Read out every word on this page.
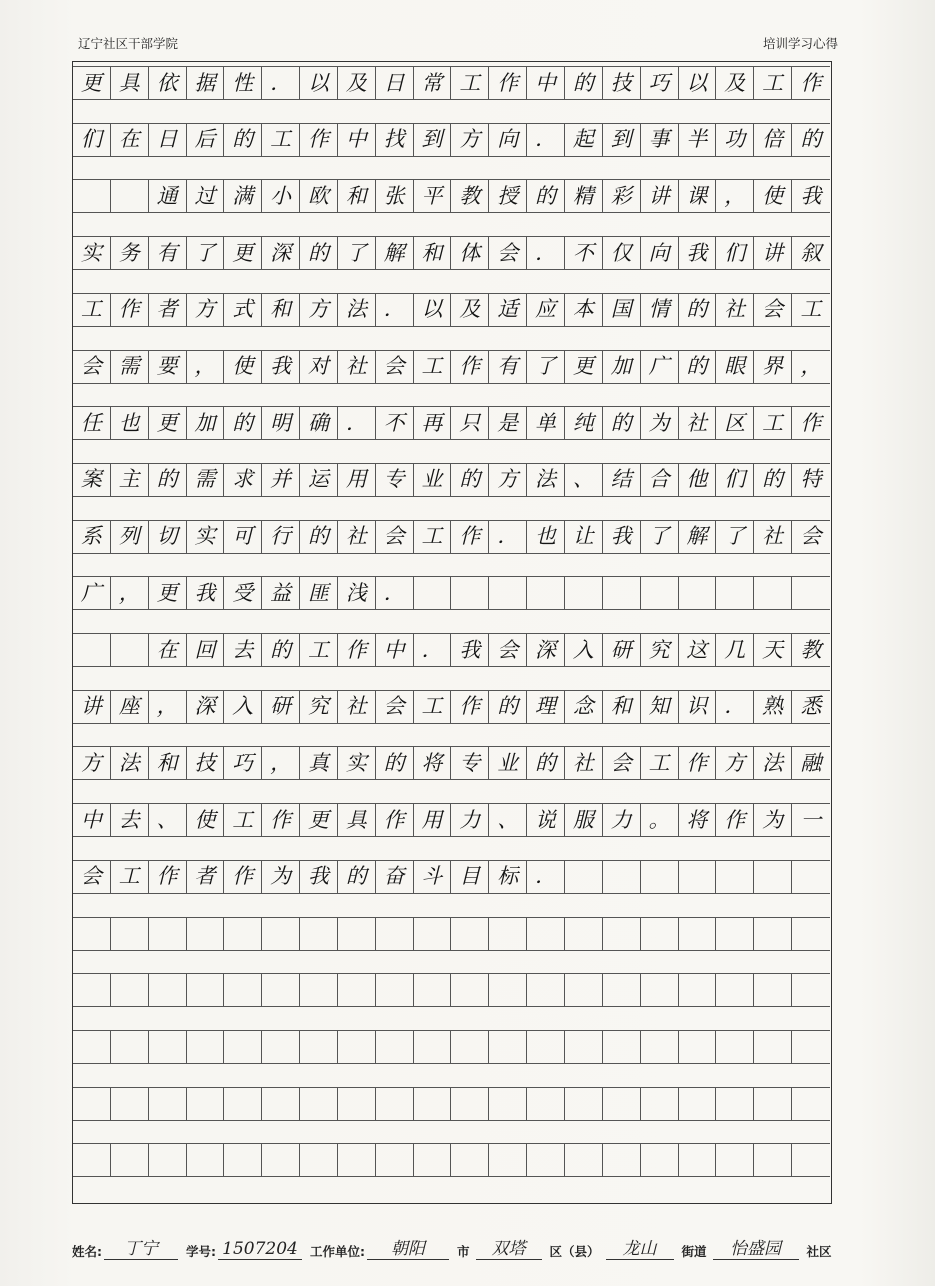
辽宁社区干部学院	培训学习心得
更 具 依 据 性 ． 以 及 日 常 工 作 中 的 技 巧 以 及 工 作
们 在 日 后 的 工 作 中 找 到 方 向 ． 起 到 事 半 功 倍 的
通 过 满 小 欧 和 张 平 教 授 的 精 彩 讲 课 ， 使 我
实 务 有 了 更 深 的 了 解 和 体 会 ． 不 仅 向 我 们 讲 叙
工 作 者 方 式 和 方 法 ． 以 及 适 应 本 国 情 的 社 会 工
会 需 要 ， 使 我 对 社 会 工 作 有 了 更 加 广 的 眼 界 ，
任 也 更 加 的 明 确 ． 不 再 只 是 单 纯 的 为 社 区 工 作
案 主 的 需 求 并 运 用 专 业 的 方 法 、 结 合 他 们 的 特
系 列 切 实 可 行 的 社 会 工 作 ． 也 让 我 了 解 了 社 会
广 ， 更 我 受 益 匪 浅 ．
在 回 去 的 工 作 中 ． 我 会 深 入 研 究 这 几 天 教
讲 座 ， 深 入 研 究 社 会 工 作 的 理 念 和 知 识 ． 熟 悉
方 法 和 技 巧 ， 真 实 的 将 专 业 的 社 会 工 作 方 法 融
中 去 、 使 工 作 更 具 作 用 力 、 说 服 力 。 将 作 为 一
会 工 作 者 作 为 我 的 奋 斗 目 标 ．
姓名:	丁宁	学号: 1507204 工作单位:	朝阳	市	双塔	区（县）	龙山	街道	怡盛园	社区
